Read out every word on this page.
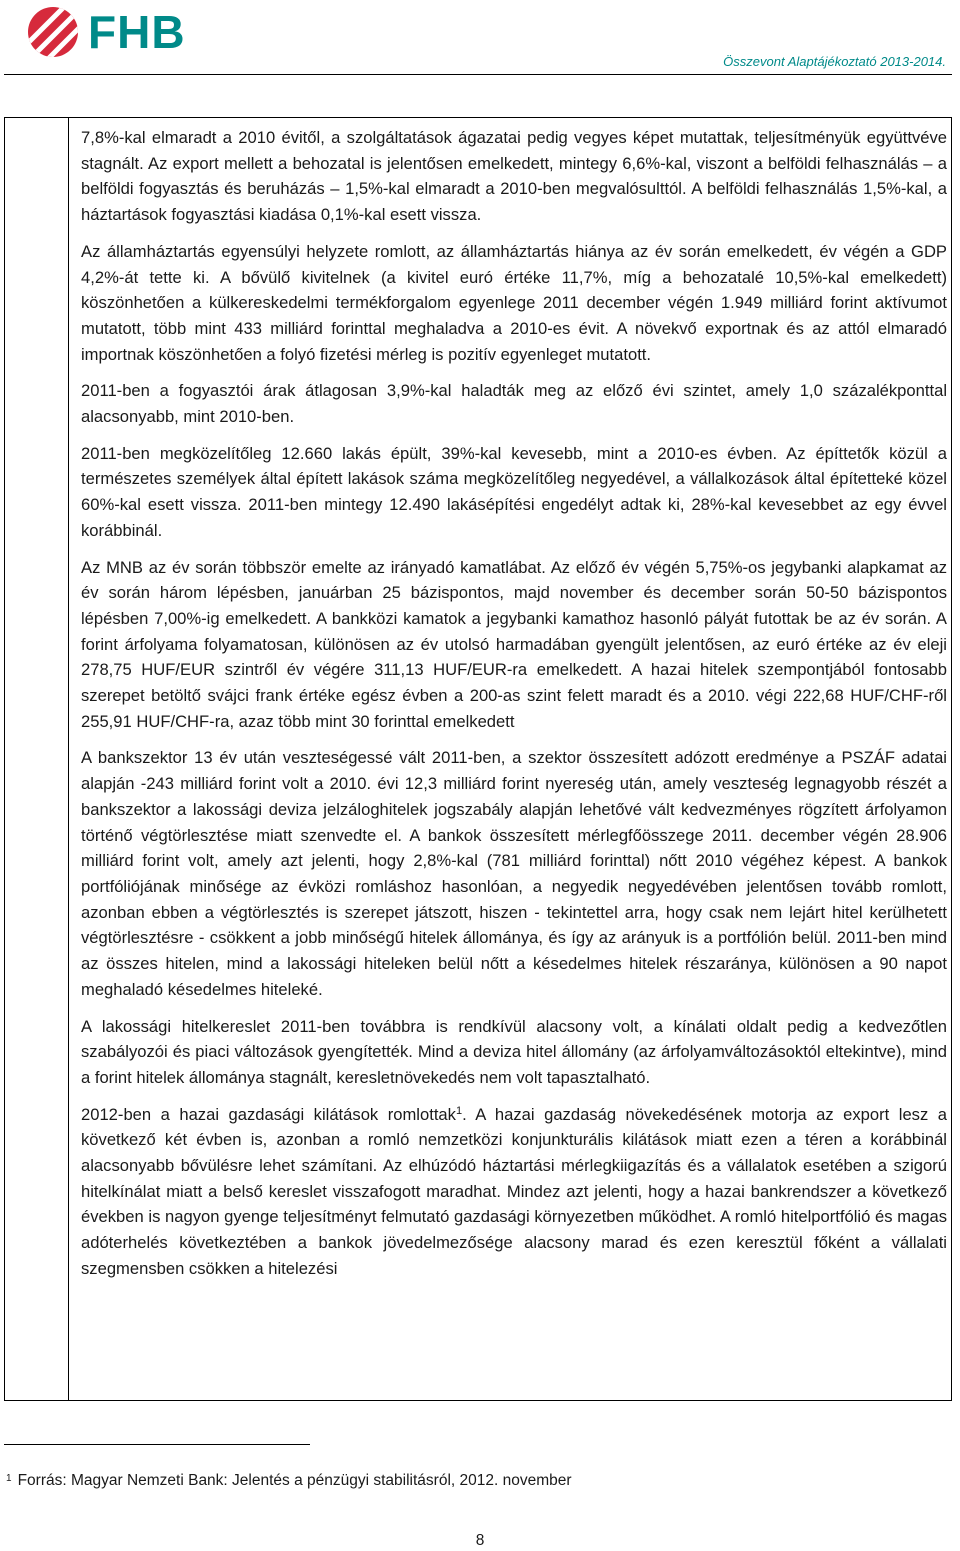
FHB
Összevont Alaptájékoztató 2013-2014.

7,8%-kal elmaradt a 2010 évitől, a szolgáltatások ágazatai pedig vegyes képet mutattak, teljesítményük együttvéve stagnált. Az export mellett a behozatal is jelentősen emelkedett, mintegy 6,6%-kal, viszont a belföldi felhasználás – a belföldi fogyasztás és beruházás – 1,5%-kal elmaradt a 2010-ben megvalósulttól. A belföldi felhasználás 1,5%-kal, a háztartások fogyasztási kiadása 0,1%-kal esett vissza.

Az államháztartás egyensúlyi helyzete romlott, az államháztartás hiánya az év során emelkedett, év végén a GDP 4,2%-át tette ki. A bővülő kivitelnek (a kivitel euró értéke 11,7%, míg a behozatalé 10,5%-kal emelkedett) köszönhetően a külkereskedelmi termékforgalom egyenlege 2011 december végén 1.949 milliárd forint aktívumot mutatott, több mint 433 milliárd forinttal meghaladva a 2010-es évit. A növekvő exportnak és az attól elmaradó importnak köszönhetően a folyó fizetési mérleg is pozitív egyenleget mutatott.

2011-ben a fogyasztói árak átlagosan 3,9%-kal haladták meg az előző évi szintet, amely 1,0 százalékponttal alacsonyabb, mint 2010-ben.

2011-ben megközelítőleg 12.660 lakás épült, 39%-kal kevesebb, mint a 2010-es évben. Az építtetők közül a természetes személyek által épített lakások száma megközelítőleg negyedével, a vállalkozások által építetteké közel 60%-kal esett vissza. 2011-ben mintegy 12.490 lakásépítési engedélyt adtak ki, 28%-kal kevesebbet az egy évvel korábbinál.

Az MNB az év során többször emelte az irányadó kamatlábat. Az előző év végén 5,75%-os jegybanki alapkamat az év során három lépésben, januárban 25 bázispontos, majd november és december során 50-50 bázispontos lépésben 7,00%-ig emelkedett. A bankközi kamatok a jegybanki kamathoz hasonló pályát futottak be az év során. A forint árfolyama folyamatosan, különösen az év utolsó harmadában gyengült jelentősen, az euró értéke az év eleji 278,75 HUF/EUR szintről év végére 311,13 HUF/EUR-ra emelkedett. A hazai hitelek szempontjából fontosabb szerepet betöltő svájci frank értéke egész évben a 200-as szint felett maradt és a 2010. végi 222,68 HUF/CHF-ről 255,91 HUF/CHF-ra, azaz több mint 30 forinttal emelkedett

A bankszektor 13 év után veszteségessé vált 2011-ben, a szektor összesített adózott eredménye a PSZÁF adatai alapján -243 milliárd forint volt a 2010. évi 12,3 milliárd forint nyereség után, amely veszteség legnagyobb részét a bankszektor a lakossági deviza jelzáloghitelek jogszabály alapján lehetővé vált kedvezményes rögzített árfolyamon történő végtörlesztése miatt szenvedte el. A bankok összesített mérlegfőösszege 2011. december végén 28.906 milliárd forint volt, amely azt jelenti, hogy 2,8%-kal (781 milliárd forinttal) nőtt 2010 végéhez képest. A bankok portfóliójának minősége az évközi romláshoz hasonlóan, a negyedik negyedévében jelentősen tovább romlott, azonban ebben a végtörlesztés is szerepet játszott, hiszen - tekintettel arra, hogy csak nem lejárt hitel kerülhetett végtörlesztésre - csökkent a jobb minőségű hitelek állománya, és így az arányuk is a portfólión belül. 2011-ben mind az összes hitelen, mind a lakossági hiteleken belül nőtt a késedelmes hitelek részaránya, különösen a 90 napot meghaladó késedelmes hiteleké.

A lakossági hitelkereslet 2011-ben továbbra is rendkívül alacsony volt, a kínálati oldalt pedig a kedvezőtlen szabályozói és piaci változások gyengítették. Mind a deviza hitel állomány (az árfolyamváltozásoktól eltekintve), mind a forint hitelek állománya stagnált, keresletnövekedés nem volt tapasztalható.

2012-ben a hazai gazdasági kilátások romlottak$^1$. A hazai gazdaság növekedésének motorja az export lesz a következő két évben is, azonban a romló nemzetközi konjunkturális kilátások miatt ezen a téren a korábbinál alacsonyabb bővülésre lehet számítani. Az elhúzódó háztartási mérlegkiigazítás és a vállalatok esetében a szigorú hitelkínálat miatt a belső kereslet visszafogott maradhat. Mindez azt jelenti, hogy a hazai bankrendszer a következő években is nagyon gyenge teljesítményt felmutató gazdasági környezetben működhet. A romló hitelportfólió és magas adóterhelés következtében a bankok jövedelmezősége alacsony marad és ezen keresztül főként a vállalati szegmensben csökken a hitelezési

$^1$ Forrás: Magyar Nemzeti Bank: Jelentés a pénzügyi stabilitásról, 2012. november
8
